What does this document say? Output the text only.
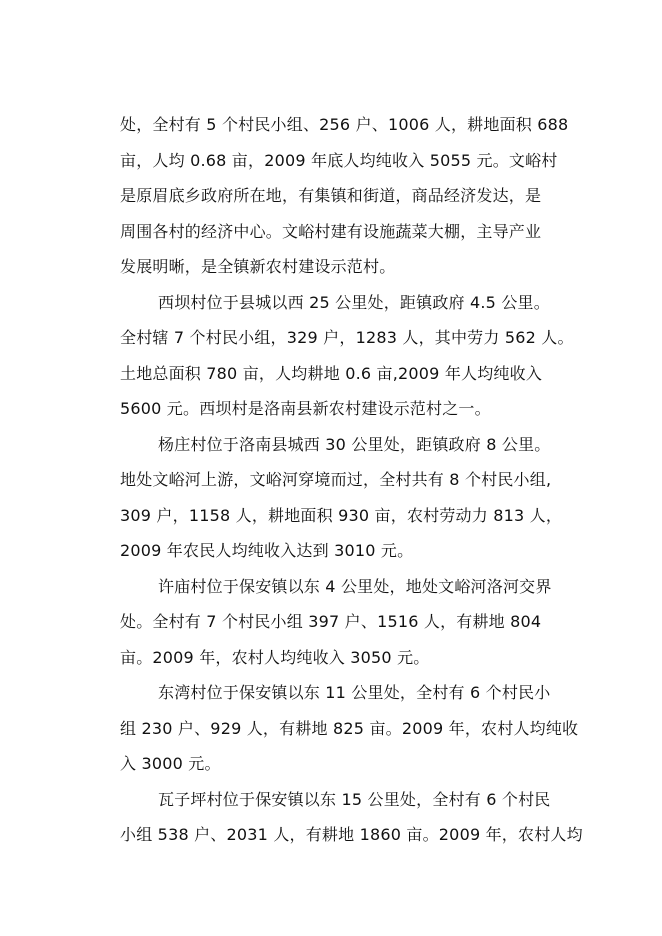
处，全村有 5 个村民小组、256 户、1006 人，耕地面积 688
亩，人均 0.68 亩，2009 年底人均纯收入 5055 元。文峪村
是原眉底乡政府所在地，有集镇和街道，商品经济发达，是
周围各村的经济中心。文峪村建有设施蔬菜大棚，主导产业
发展明晰，是全镇新农村建设示范村。
西坝村位于县城以西 25 公里处，距镇政府 4.5 公里。
全村辖 7 个村民小组，329 户，1283 人，其中劳力 562 人。
土地总面积 780 亩，人均耕地 0.6 亩,2009 年人均纯收入
5600 元。西坝村是洛南县新农村建设示范村之一。
杨庄村位于洛南县城西 30 公里处，距镇政府 8 公里。
地处文峪河上游，文峪河穿境而过，全村共有 8 个村民小组,
309 户，1158 人，耕地面积 930 亩，农村劳动力 813 人，
2009 年农民人均纯收入达到 3010 元。
许庙村位于保安镇以东 4 公里处，地处文峪河洛河交界
处。全村有 7 个村民小组 397 户、1516 人，有耕地 804
亩。2009 年，农村人均纯收入 3050 元。
东湾村位于保安镇以东 11 公里处，全村有 6 个村民小
组 230 户、929 人，有耕地 825 亩。2009 年，农村人均纯收
入 3000 元。
瓦子坪村位于保安镇以东 15 公里处，全村有 6 个村民
小组 538 户、2031 人，有耕地 1860 亩。2009 年，农村人均
